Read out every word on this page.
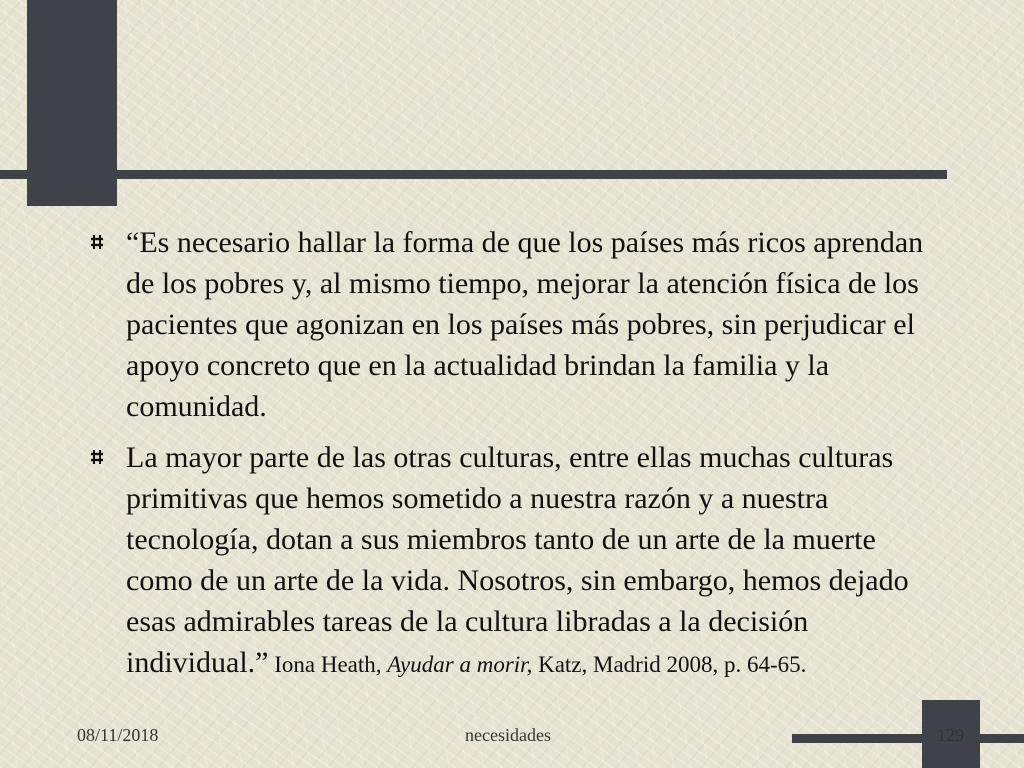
“Es necesario hallar la forma de que los países más ricos aprendan de los pobres y, al mismo tiempo, mejorar la atención física de los pacientes que agonizan en los países más pobres, sin perjudicar el apoyo concreto que en la actualidad brindan la familia y la comunidad.
La mayor parte de las otras culturas, entre ellas muchas culturas primitivas que hemos sometido a nuestra razón y a nuestra tecnología, dotan a sus miembros tanto de un arte de la muerte como de un arte de la vida. Nosotros, sin embargo, hemos dejado esas admirables tareas de la cultura libradas a la decisión individual.” Iona Heath, Ayudar a morir, Katz, Madrid 2008, p. 64-65.
08/11/2018	necesidades	129
